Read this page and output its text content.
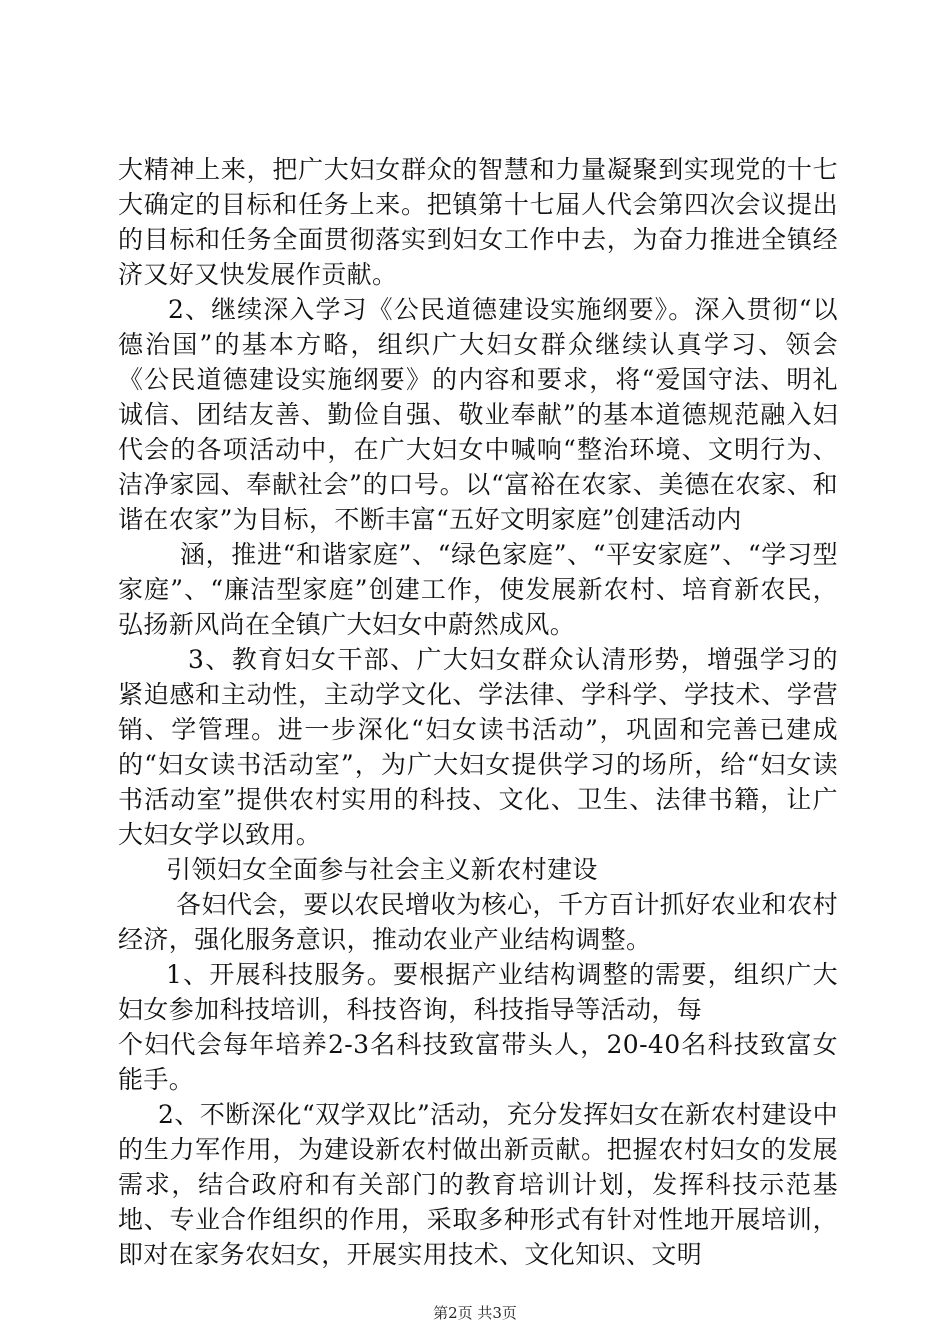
大精神上来，把广大妇女群众的智慧和力量凝聚到实现党的十七大确定的目标和任务上来。把镇第十七届人代会第四次会议提出的目标和任务全面贯彻落实到妇女工作中去，为奋力推进全镇经济又好又快发展作贡献。

2、继续深入学习《公民道德建设实施纲要》。深入贯彻“以德治国”的基本方略，组织广大妇女群众继续认真学习、领会《公民道德建设实施纲要》的内容和要求，将“爱国守法、明礼诚信、团结友善、勤俭自强、敬业奉献”的基本道德规范融入妇代会的各项活动中，在广大妇女中喊响“整治环境、文明行为、洁净家园、奉献社会”的口号。以“富裕在农家、美德在农家、和谐在农家”为目标，不断丰富“五好文明家庭”创建活动内

涵，推进“和谐家庭”、“绿色家庭”、“平安家庭”、“学习型家庭”、“廉洁型家庭”创建工作，使发展新农村、培育新农民，弘扬新风尚在全镇广大妇女中蔚然成风。

3、教育妇女干部、广大妇女群众认清形势，增强学习的紧迫感和主动性，主动学文化、学法律、学科学、学技术、学营销、学管理。进一步深化“妇女读书活动”，巩固和完善已建成的“妇女读书活动室”，为广大妇女提供学习的场所，给“妇女读书活动室”提供农村实用的科技、文化、卫生、法律书籍，让广大妇女学以致用。

引领妇女全面参与社会主义新农村建设

各妇代会，要以农民增收为核心，千方百计抓好农业和农村经济，强化服务意识，推动农业产业结构调整。

1、开展科技服务。要根据产业结构调整的需要，组织广大妇女参加科技培训，科技咨询，科技指导等活动，每

个妇代会每年培养2-3名科技致富带头人，20-40名科技致富女能手。

2、不断深化“双学双比”活动，充分发挥妇女在新农村建设中的生力军作用，为建设新农村做出新贡献。把握农村妇女的发展需求，结合政府和有关部门的教育培训计划，发挥科技示范基地、专业合作组织的作用，采取多种形式有针对性地开展培训，即对在家务农妇女，开展实用技术、文化知识、文明

第2页 共3页
